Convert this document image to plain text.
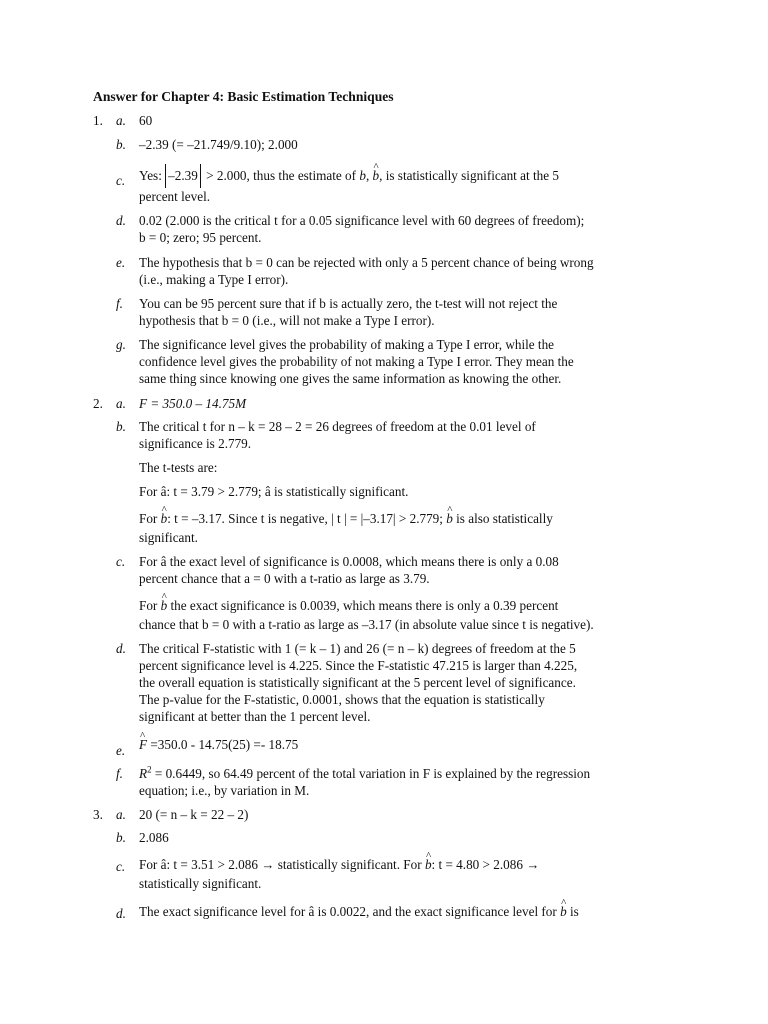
Answer for Chapter 4: Basic Estimation Techniques
1. a. 60
b. –2.39 (= –21.749/9.10); 2.000
c. Yes: –2.39 > 2.000, thus the estimate of b, ^ b, is statistically significant at the 5
percent level.
d. 0.02 (2.000 is the critical t for a 0.05 significance level with 60 degrees of freedom);
b = 0; zero; 95 percent.
e. The hypothesis that b = 0 can be rejected with only a 5 percent chance of being wrong
(i.e., making a Type I error).
f. You can be 95 percent sure that if b is actually zero, the t-test will not reject the
hypothesis that b = 0 (i.e., will not make a Type I error).
g. The significance level gives the probability of making a Type I error, while the
confidence level gives the probability of not making a Type I error. They mean the
same thing since knowing one gives the same information as knowing the other.
2. a. F = 350.0 – 14.75M
b. The critical t for n – k = 28 – 2 = 26 degrees of freedom at the 0.01 level of
significance is 2.779.
The t-tests are:
For â: t = 3.79 > 2.779; â is statistically significant.
For ^ b: t = –3.17. Since t is negative, | t | = |–3.17| > 2.779; ^ b is also statistically
significant.
c. For â the exact level of significance is 0.0008, which means there is only a 0.08
percent chance that a = 0 with a t-ratio as large as 3.79.
For ^ b the exact significance is 0.0039, which means there is only a 0.39 percent
chance that b = 0 with a t-ratio as large as –3.17 (in absolute value since t is negative).
d. The critical F-statistic with 1 (= k – 1) and 26 (= n – k) degrees of freedom at the 5
percent significance level is 4.225. Since the F-statistic 47.215 is larger than 4.225,
the overall equation is statistically significant at the 5 percent level of significance.
The p-value for the F-statistic, 0.0001, shows that the equation is statistically
significant at better than the 1 percent level.
e.
^ F =350.0 - 14.75(25) =- 18.75
f. $R^2 = 0.6449$, so 64.49 percent of the total variation in F is explained by the regression
equation; i.e., by variation in M.
3. a. 20 (= n – k = 22 – 2)
b. 2.086
c. For â: t = 3.51 > 2.086 → statistically significant. For ^ b: t = 4.80 > 2.086 →
statistically significant.
d. The exact significance level for â is 0.0022, and the exact significance level for ^ b is
